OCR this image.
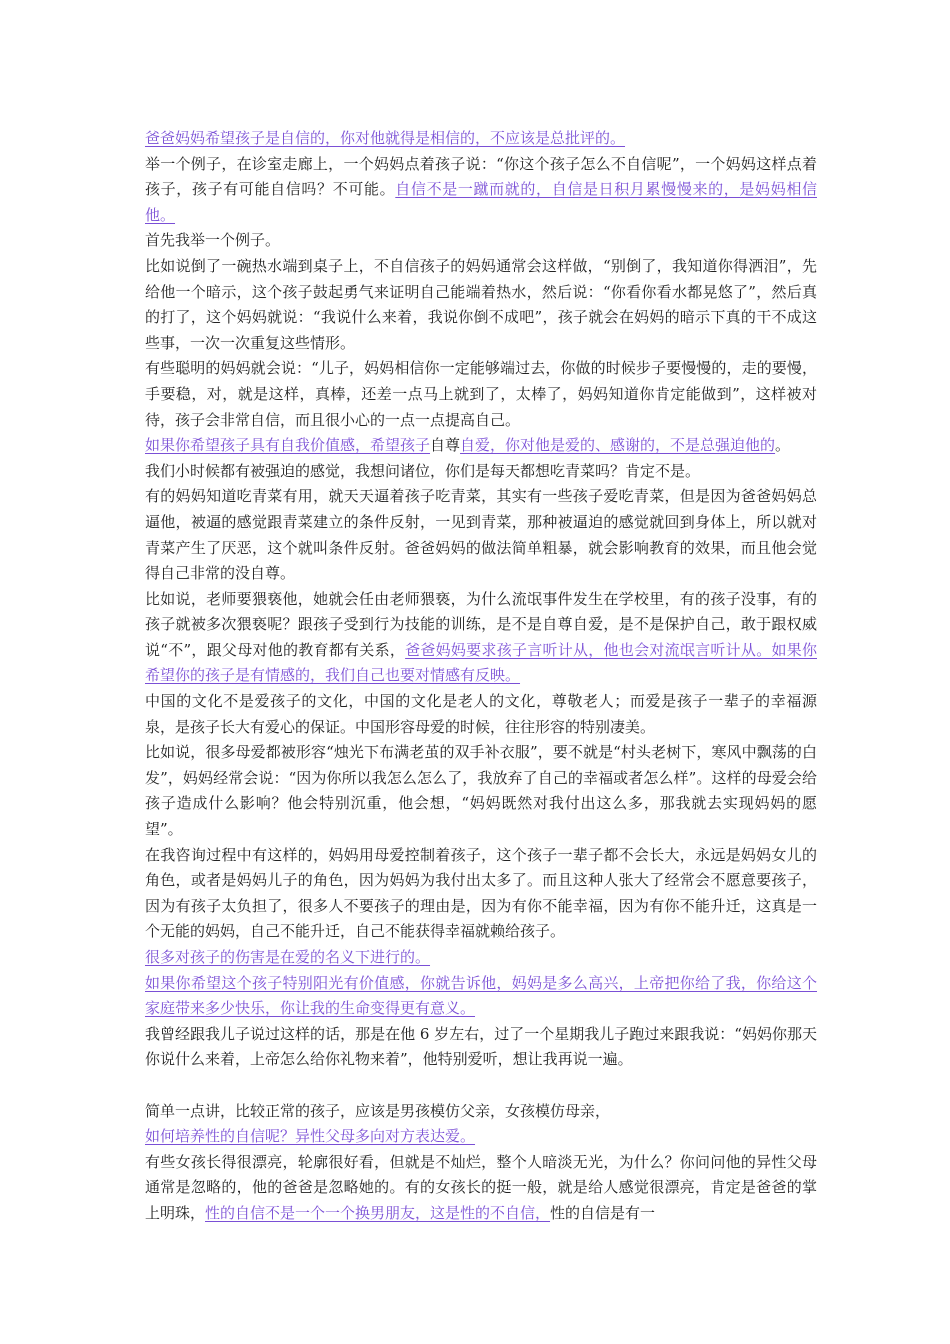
爸爸妈妈希望孩子是自信的，你对他就得是相信的，不应该是总批评的。

举一个例子，在诊室走廊上，一个妈妈点着孩子说：“你这个孩子怎么不自信呢”，一个妈妈这样点着孩子，孩子有可能自信吗？不可能。自信不是一蹴而就的，自信是日积月累慢慢来的，是妈妈相信他。

首先我举一个例子。

比如说倒了一碗热水端到桌子上，不自信孩子的妈妈通常会这样做，“别倒了，我知道你得洒泪”，先给他一个暗示，这个孩子鼓起勇气来证明自己能端着热水，然后说：“你看你看水都晃悠了”，然后真的打了，这个妈妈就说：“我说什么来着，我说你倒不成吧”，孩子就会在妈妈的暗示下真的干不成这些事，一次一次重复这些情形。

有些聪明的妈妈就会说：“儿子，妈妈相信你一定能够端过去，你做的时候步子要慢慢的，走的要慢，手要稳，对，就是这样，真棒，还差一点马上就到了，太棒了，妈妈知道你肯定能做到”，这样被对待，孩子会非常自信，而且很小心的一点一点提高自己。

如果你希望孩子具有自我价值感，希望孩子自尊自爱，你对他是爱的、感谢的，不是总强迫他的。

我们小时候都有被强迫的感觉，我想问诸位，你们是每天都想吃青菜吗？肯定不是。

有的妈妈知道吃青菜有用，就天天逼着孩子吃青菜，其实有一些孩子爱吃青菜，但是因为爸爸妈妈总逼他，被逼的感觉跟青菜建立的条件反射，一见到青菜，那种被逼迫的感觉就回到身体上，所以就对青菜产生了厌恶，这个就叫条件反射。爸爸妈妈的做法简单粗暴，就会影响教育的效果，而且他会觉得自己非常的没自尊。

比如说，老师要猥亵他，她就会任由老师猥亵，为什么流氓事件发生在学校里，有的孩子没事，有的孩子就被多次猥亵呢？跟孩子受到行为技能的训练，是不是自尊自爱，是不是保护自己，敢于跟权威说“不”，跟父母对他的教育都有关系，爸爸妈妈要求孩子言听计从，他也会对流氓言听计从。如果你希望你的孩子是有情感的，我们自己也要对情感有反映。

中国的文化不是爱孩子的文化，中国的文化是老人的文化，尊敬老人；而爱是孩子一辈子的幸福源泉，是孩子长大有爱心的保证。中国形容母爱的时候，往往形容的特别凄美。

比如说，很多母爱都被形容“烛光下布满老茧的双手补衣服”，要不就是“村头老树下，寒风中飘荡的白发”，妈妈经常会说：“因为你所以我怎么怎么了，我放弃了自己的幸福或者怎么样”。这样的母爱会给孩子造成什么影响？他会特别沉重，他会想，“妈妈既然对我付出这么多，那我就去实现妈妈的愿望”。

在我咨询过程中有这样的，妈妈用母爱控制着孩子，这个孩子一辈子都不会长大，永远是妈妈女儿的角色，或者是妈妈儿子的角色，因为妈妈为我付出太多了。而且这种人张大了经常会不愿意要孩子，因为有孩子太负担了，很多人不要孩子的理由是，因为有你不能幸福，因为有你不能升迁，这真是一个无能的妈妈，自己不能升迁，自己不能获得幸福就赖给孩子。

很多对孩子的伤害是在爱的名义下进行的。

如果你希望这个孩子特别阳光有价值感，你就告诉他，妈妈是多么高兴，上帝把你给了我，你给这个家庭带来多少快乐，你让我的生命变得更有意义。

我曾经跟我儿子说过这样的话，那是在他 6 岁左右，过了一个星期我儿子跑过来跟我说：“妈妈你那天你说什么来着，上帝怎么给你礼物来着”，他特别爱听，想让我再说一遍。

简单一点讲，比较正常的孩子，应该是男孩模仿父亲，女孩模仿母亲，

如何培养性的自信呢？异性父母多向对方表达爱。

有些女孩长得很漂亮，轮廓很好看，但就是不灿烂，整个人暗淡无光，为什么？你问问他的异性父母通常是忽略的，他的爸爸是忽略她的。有的女孩长的挺一般，就是给人感觉很漂亮，肯定是爸爸的掌上明珠，性的自信不是一个一个换男朋友，这是性的不自信，性的自信是有一
